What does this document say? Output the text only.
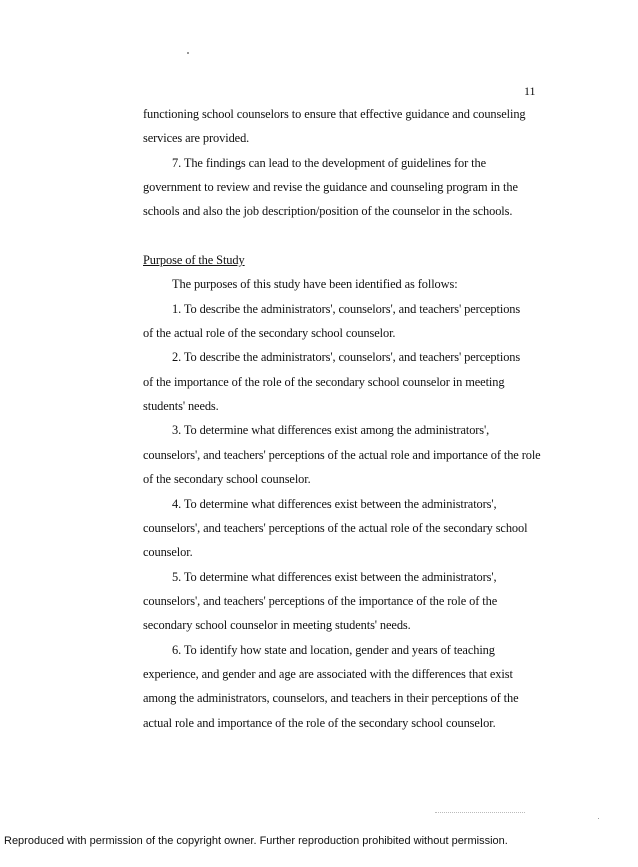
11

functioning school counselors to ensure that effective guidance and counseling
services are provided.

7. The findings can lead to the development of guidelines for the
government to review and revise the guidance and counseling program in the
schools and also the job description/position of the counselor in the schools.

Purpose of the Study

The purposes of this study have been identified as follows:

1. To describe the administrators', counselors', and teachers' perceptions
of the actual role of the secondary school counselor.

2. To describe the administrators', counselors', and teachers' perceptions
of the importance of the role of the secondary school counselor in meeting
students' needs.

3. To determine what differences exist among the administrators',
counselors', and teachers' perceptions of the actual role and importance of the role
of the secondary school counselor.

4. To determine what differences exist between the administrators',
counselors', and teachers' perceptions of the actual role of the secondary school
counselor.

5. To determine what differences exist between the administrators',
counselors', and teachers' perceptions of the importance of the role of the
secondary school counselor in meeting students' needs.

6. To identify how state and location, gender and years of teaching
experience, and gender and age are associated with the differences that exist
among the administrators, counselors, and teachers in their perceptions of the
actual role and importance of the role of the secondary school counselor.

Reproduced with permission of the copyright owner. Further reproduction prohibited without permission.
